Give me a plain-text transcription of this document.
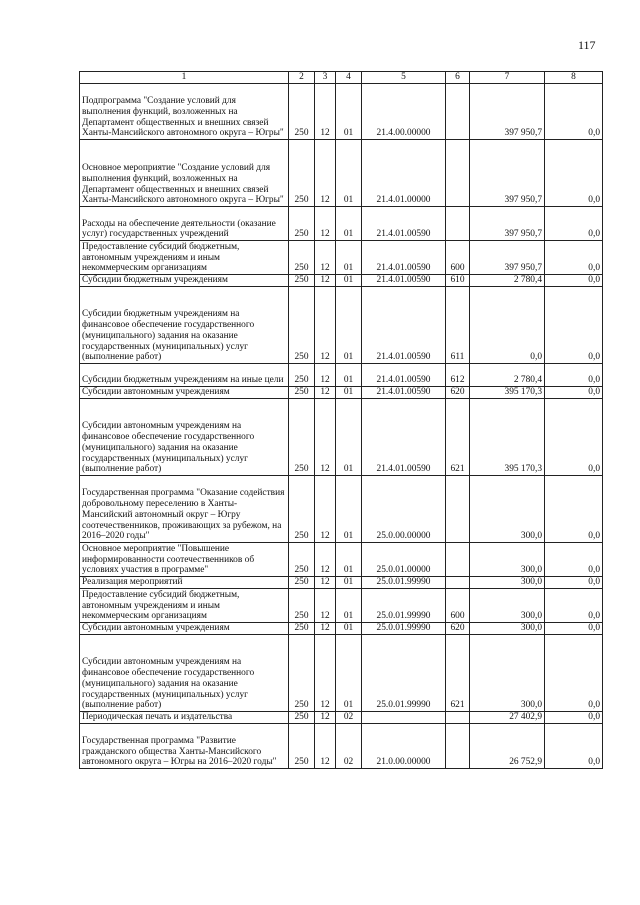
117
1	2	3	4	5	6	7	8
Подпрограмма "Создание условий для выполнения функций, возложенных на Департамент общественных и внешних связей Ханты-Мансийского автономного округа – Югры"	250	12	01	21.4.00.00000		397 950,7	0,0
Основное мероприятие "Создание условий для выполнения функций, возложенных на Департамент общественных и внешних связей Ханты-Мансийского автономного округа – Югры"	250	12	01	21.4.01.00000		397 950,7	0,0
Расходы на обеспечение деятельности (оказание услуг) государственных учреждений	250	12	01	21.4.01.00590		397 950,7	0,0
Предоставление субсидий бюджетным, автономным учреждениям и иным некоммерческим организациям	250	12	01	21.4.01.00590	600	397 950,7	0,0
Субсидии бюджетным учреждениям	250	12	01	21.4.01.00590	610	2 780,4	0,0
Субсидии бюджетным учреждениям на финансовое обеспечение государственного (муниципального) задания на оказание государственных (муниципальных) услуг (выполнение работ)	250	12	01	21.4.01.00590	611	0,0	0,0
Субсидии бюджетным учреждениям на иные цели	250	12	01	21.4.01.00590	612	2 780,4	0,0
Субсидии автономным учреждениям	250	12	01	21.4.01.00590	620	395 170,3	0,0
Субсидии автономным учреждениям на финансовое обеспечение государственного (муниципального) задания на оказание государственных (муниципальных) услуг (выполнение работ)	250	12	01	21.4.01.00590	621	395 170,3	0,0
Государственная программа "Оказание содействия добровольному переселению в Ханты-Мансийский автономный округ – Югру соотечественников, проживающих за рубежом, на 2016–2020 годы"	250	12	01	25.0.00.00000		300,0	0,0
Основное мероприятие "Повышение информированности соотечественников об условиях участия в программе"	250	12	01	25.0.01.00000		300,0	0,0
Реализация мероприятий	250	12	01	25.0.01.99990		300,0	0,0
Предоставление субсидий бюджетным, автономным учреждениям и иным некоммерческим организациям	250	12	01	25.0.01.99990	600	300,0	0,0
Субсидии автономным учреждениям	250	12	01	25.0.01.99990	620	300,0	0,0
Субсидии автономным учреждениям на финансовое обеспечение государственного (муниципального) задания на оказание государственных (муниципальных) услуг (выполнение работ)	250	12	01	25.0.01.99990	621	300,0	0,0
Периодическая печать и издательства	250	12	02			27 402,9	0,0
Государственная программа "Развитие гражданского общества Ханты-Мансийского автономного округа – Югры на 2016–2020 годы"	250	12	02	21.0.00.00000		26 752,9	0,0
